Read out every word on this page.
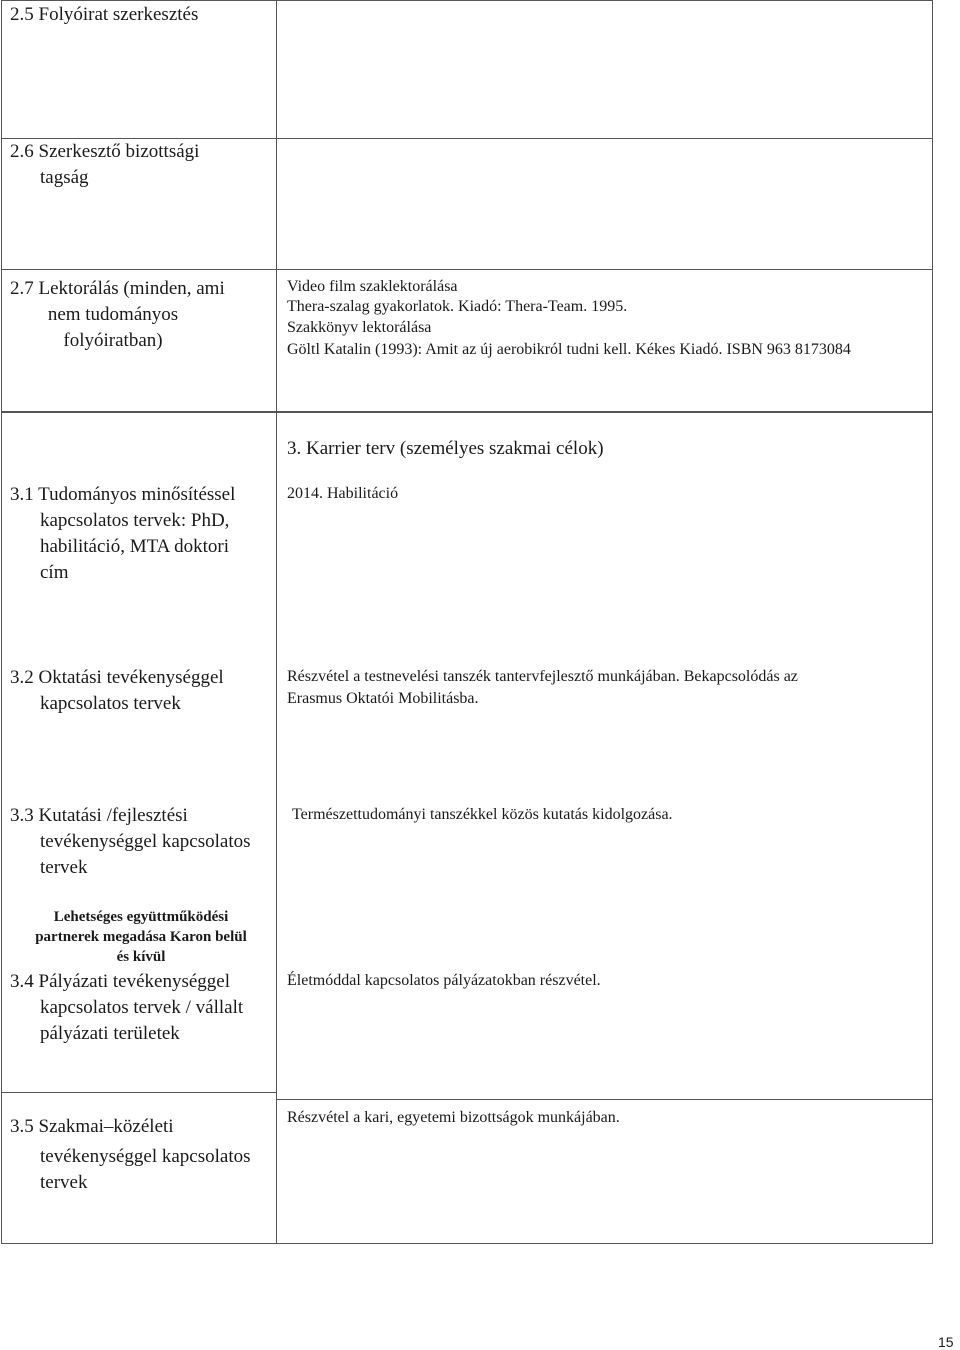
2.5 Folyóirat szerkesztés
2.6 Szerkesztő bizottsági
tagság
2.7 Lektorálás (minden, ami
nem tudományos
folyóiratban)
Video film szaklektorálása
Thera-szalag gyakorlatok. Kiadó: Thera-Team. 1995.
Szakkönyv lektorálása
Göltl Katalin (1993): Amit az új aerobikról tudni kell. Kékes Kiadó. ISBN 963 8173084
3. Karrier terv (személyes szakmai célok)
3.1 Tudományos minősítéssel
kapcsolatos tervek: PhD,
habilitáció, MTA doktori
cím
2014. Habilitáció
3.2 Oktatási tevékenységgel
kapcsolatos tervek
Részvétel a testnevelési tanszék tantervfejlesztő munkájában. Bekapcsolódás az
Erasmus Oktatói Mobilitásba.
3.3 Kutatási /fejlesztési
tevékenységgel kapcsolatos
tervek
Természettudományi tanszékkel közös kutatás kidolgozása.
Lehetséges együttműködési
partnerek megadása Karon belül
és kívül
3.4 Pályázati tevékenységgel
kapcsolatos tervek / vállalt
pályázati területek
Életmóddal kapcsolatos pályázatokban részvétel.
3.5 Szakmai–közéleti
tevékenységgel kapcsolatos
tervek
Részvétel a kari, egyetemi bizottságok munkájában.
15
